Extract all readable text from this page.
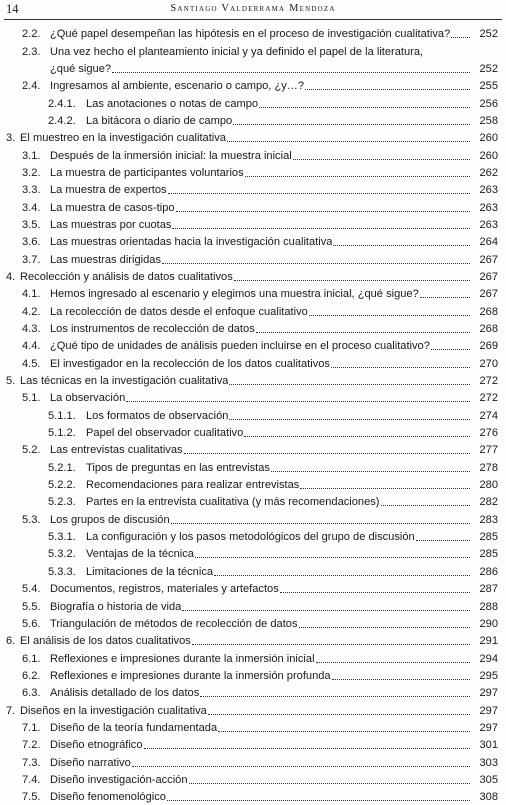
14	Santiago Valderrama Mendoza
2.2. ¿Qué papel desempeñan las hipótesis en el proceso de investigación cualitativa?	252
2.3. Una vez hecho el planteamiento inicial y ya definido el papel de la literatura,
¿qué sigue?	252
2.4. Ingresamos al ambiente, escenario o campo, ¿y…?	255
2.4.1. Las anotaciones o notas de campo	256
2.4.2. La bitácora o diario de campo	258
3. El muestreo en la investigación cualitativa	260
3.1. Después de la inmersión inicial: la muestra inicial	260
3.2. La muestra de participantes voluntarios	262
3.3. La muestra de expertos	263
3.4. La muestra de casos-tipo	263
3.5. Las muestras por cuotas	263
3.6. Las muestras orientadas hacia la investigación cualitativa	264
3.7. Las muestras dirigidas	267
4. Recolección y análisis de datos cualitativos	267
4.1. Hemos ingresado al escenario y elegimos una muestra inicial, ¿qué sigue?	267
4.2. La recolección de datos desde el enfoque cualitativo	268
4.3. Los instrumentos de recolección de datos	268
4.4. ¿Qué tipo de unidades de análisis pueden incluirse en el proceso cualitativo?	269
4.5. El investigador en la recolección de los datos cualitativos	270
5. Las técnicas en la investigación cualitativa	272
5.1. La observación	272
5.1.1. Los formatos de observación	274
5.1.2. Papel del observador cualitativo	276
5.2. Las entrevistas cualitativas	277
5.2.1. Tipos de preguntas en las entrevistas	278
5.2.2. Recomendaciones para realizar entrevistas	280
5.2.3. Partes en la entrevista cualitativa (y más recomendaciones)	282
5.3. Los grupos de discusión	283
5.3.1. La configuración y los pasos metodológicos del grupo de discusión	285
5.3.2. Ventajas de la técnica	285
5.3.3. Limitaciones de la técnica	286
5.4. Documentos, registros, materiales y artefactos	287
5.5. Biografía o historia de vida	288
5.6. Triangulación de métodos de recolección de datos	290
6. El análisis de los datos cualitativos	291
6.1. Reflexiones e impresiones durante la inmersión inicial	294
6.2. Reflexiones e impresiones durante la inmersión profunda	295
6.3. Análisis detallado de los datos	297
7. Diseños en la investigación cualitativa	297
7.1. Diseño de la teoría fundamentada	297
7.2. Diseño etnográfico	301
7.3. Diseño narrativo	303
7.4. Diseño investigación-acción	305
7.5. Diseño fenomenológico	308
